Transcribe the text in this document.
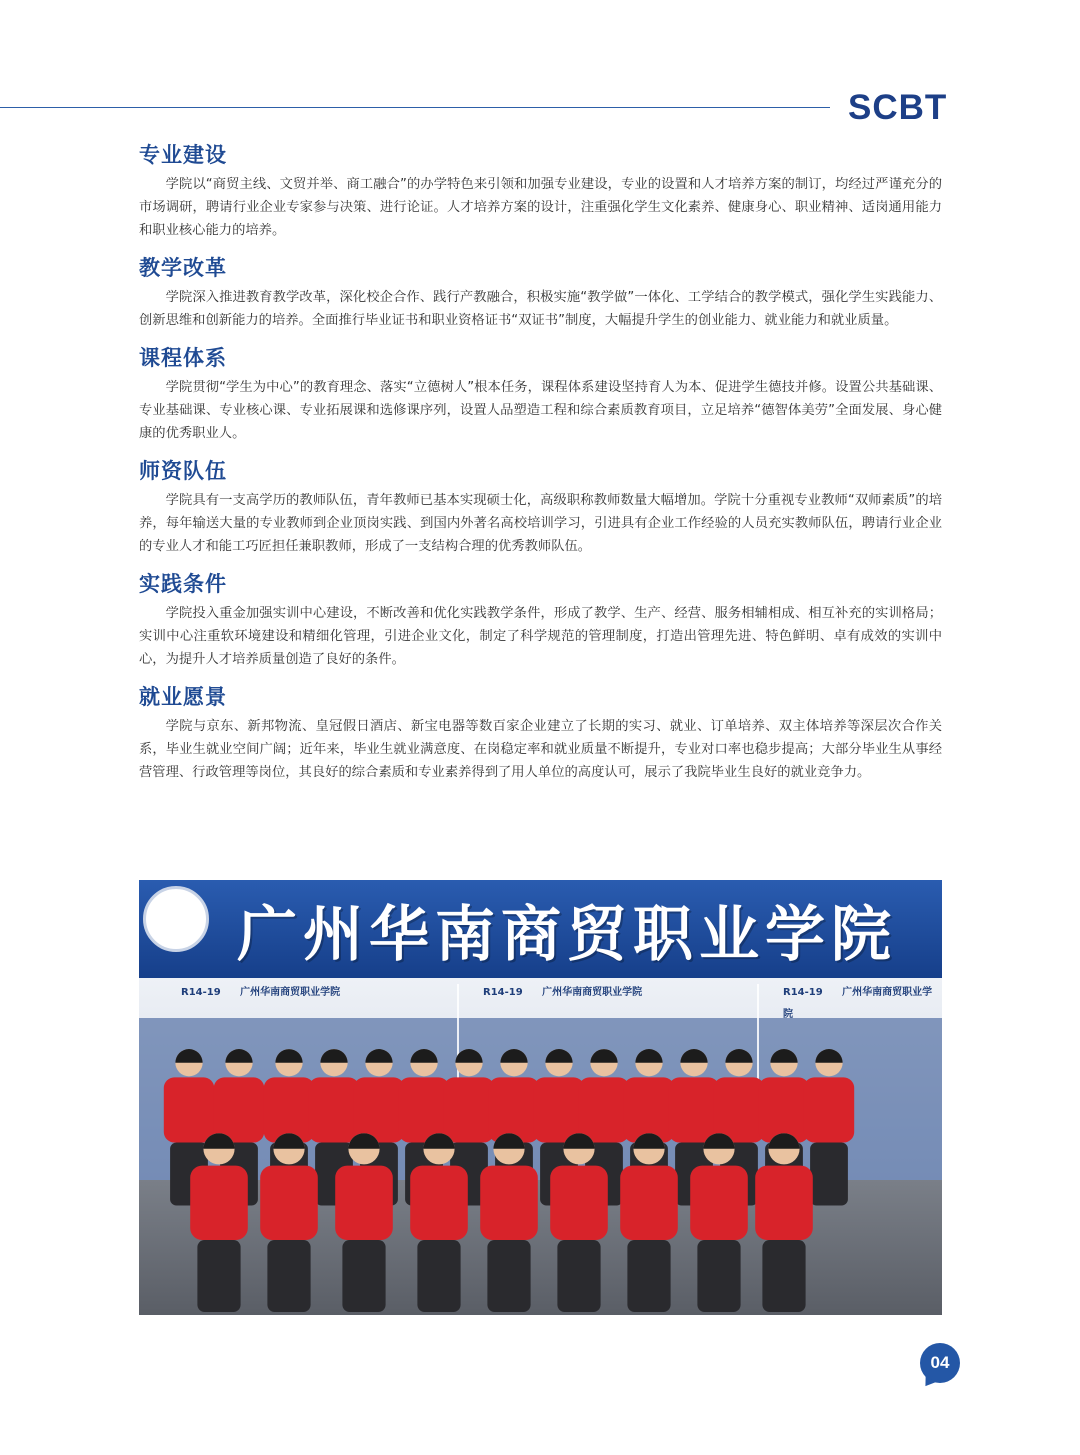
SCBT
专业建设

学院以“商贸主线、文贸并举、商工融合”的办学特色来引领和加强专业建设，专业的设置和人才培养方案的制订，均经过严谨充分的市场调研，聘请行业企业专家参与决策、进行论证。人才培养方案的设计，注重强化学生文化素养、健康身心、职业精神、适岗通用能力和职业核心能力的培养。

教学改革

学院深入推进教育教学改革，深化校企合作、践行产教融合，积极实施“教学做”一体化、工学结合的教学模式，强化学生实践能力、创新思维和创新能力的培养。全面推行毕业证书和职业资格证书“双证书”制度，大幅提升学生的创业能力、就业能力和就业质量。

课程体系

学院贯彻“学生为中心”的教育理念、落实“立德树人”根本任务，课程体系建设坚持育人为本、促进学生德技并修。设置公共基础课、专业基础课、专业核心课、专业拓展课和选修课序列，设置人品塑造工程和综合素质教育项目，立足培养“德智体美劳”全面发展、身心健康的优秀职业人。

师资队伍

学院具有一支高学历的教师队伍，青年教师已基本实现硕士化，高级职称教师数量大幅增加。学院十分重视专业教师“双师素质”的培养，每年输送大量的专业教师到企业顶岗实践、到国内外著名高校培训学习，引进具有企业工作经验的人员充实教师队伍，聘请行业企业的专业人才和能工巧匠担任兼职教师，形成了一支结构合理的优秀教师队伍。

实践条件

学院投入重金加强实训中心建设，不断改善和优化实践教学条件，形成了教学、生产、经营、服务相辅相成、相互补充的实训格局；实训中心注重软环境建设和精细化管理，引进企业文化，制定了科学规范的管理制度，打造出管理先进、特色鲜明、卓有成效的实训中心，为提升人才培养质量创造了良好的条件。

就业愿景

学院与京东、新邦物流、皇冠假日酒店、新宝电器等数百家企业建立了长期的实习、就业、订单培养、双主体培养等深层次合作关系，毕业生就业空间广阔；近年来，毕业生就业满意度、在岗稳定率和就业质量不断提升，专业对口率也稳步提高；大部分毕业生从事经营管理、行政管理等岗位，其良好的综合素质和专业素养得到了用人单位的高度认可，展示了我院毕业生良好的就业竞争力。

广州华南商贸职业学院
R14-19 广州华南商贸职业学院	R14-19 广州华南商贸职业学院	R14-19 广州华南商贸职业学院
04
